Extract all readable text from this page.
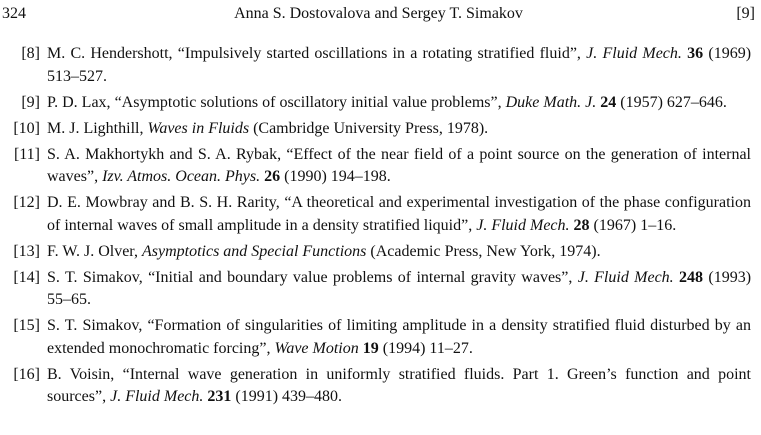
324	Anna S. Dostovalova and Sergey T. Simakov	[9]
[8] M. C. Hendershott, “Impulsively started oscillations in a rotating stratified fluid”, J. Fluid Mech. 36 (1969) 513–527.
[9] P. D. Lax, “Asymptotic solutions of oscillatory initial value problems”, Duke Math. J. 24 (1957) 627–646.
[10] M. J. Lighthill, Waves in Fluids (Cambridge University Press, 1978).
[11] S. A. Makhortykh and S. A. Rybak, “Effect of the near field of a point source on the generation of internal waves”, Izv. Atmos. Ocean. Phys. 26 (1990) 194–198.
[12] D. E. Mowbray and B. S. H. Rarity, “A theoretical and experimental investigation of the phase configuration of internal waves of small amplitude in a density stratified liquid”, J. Fluid Mech. 28 (1967) 1–16.
[13] F. W. J. Olver, Asymptotics and Special Functions (Academic Press, New York, 1974).
[14] S. T. Simakov, “Initial and boundary value problems of internal gravity waves”, J. Fluid Mech. 248 (1993) 55–65.
[15] S. T. Simakov, “Formation of singularities of limiting amplitude in a density stratified fluid disturbed by an extended monochromatic forcing”, Wave Motion 19 (1994) 11–27.
[16] B. Voisin, “Internal wave generation in uniformly stratified fluids. Part 1. Green’s function and point sources”, J. Fluid Mech. 231 (1991) 439–480.
